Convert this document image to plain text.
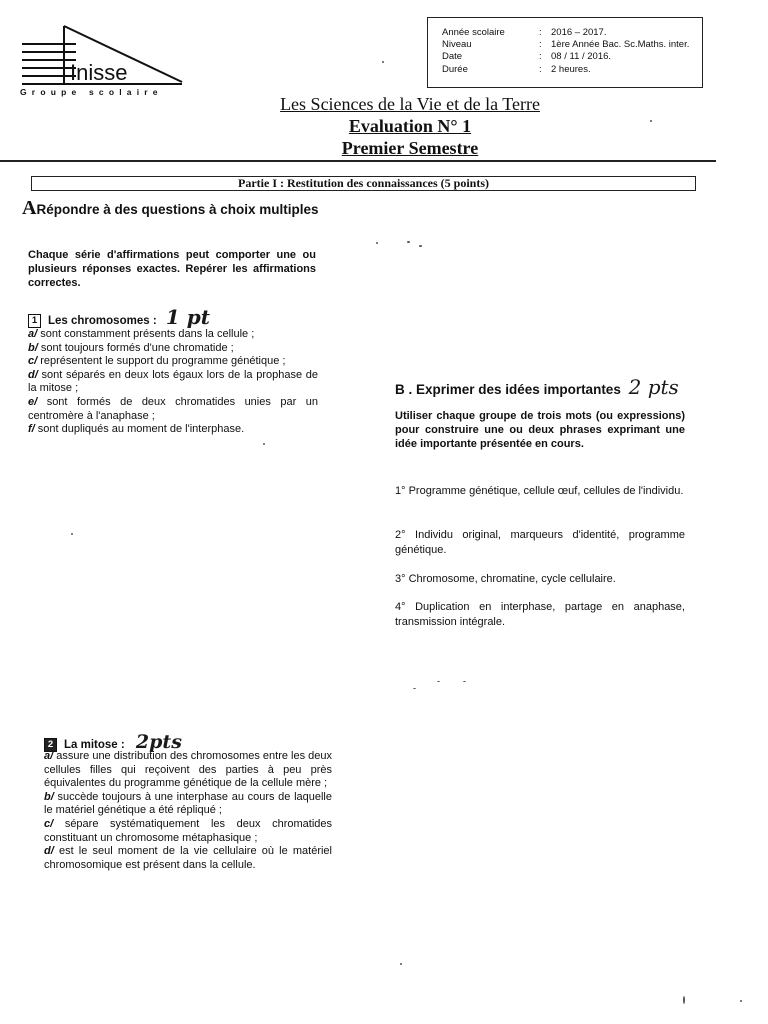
Inisse
Groupe scolaire
Année scolaire	: 2016 – 2017.
Niveau	: 1ère Année Bac. Sc.Maths. inter.
Date	: 08 / 11 / 2016.
Durée	: 2 heures.
Les Sciences de la Vie et de la Terre
Evaluation N° 1
Premier Semestre
Partie I : Restitution des connaissances (5 points)
ARépondre à des questions à choix multiples
Chaque série d'affirmations peut comporter une ou plusieurs réponses exactes. Repérer les affirmations correctes.
1 Les chromosomes : 1 pt
a/ sont constamment présents dans la cellule ;
b/ sont toujours formés d'une chromatide ;
c/ représentent le support du programme génétique ;
d/ sont séparés en deux lots égaux lors de la prophase de la mitose ;
e/ sont formés de deux chromatides unies par un centromère à l'anaphase ;
f/ sont dupliqués au moment de l'interphase.
B . Exprimer des idées importantes 2 pts
Utiliser chaque groupe de trois mots (ou expressions) pour construire une ou deux phrases exprimant une idée importante présentée en cours.
1° Programme génétique, cellule œuf, cellules de l'individu.
2° Individu original, marqueurs d'identité, programme génétique.
3° Chromosome, chromatine, cycle cellulaire.
4° Duplication en interphase, partage en anaphase, transmission intégrale.
2 La mitose : 2pts
a/ assure une distribution des chromosomes entre les deux cellules filles qui reçoivent des parties à peu près équivalentes du programme génétique de la cellule mère ;
b/ succède toujours à une interphase au cours de laquelle le matériel génétique a été répliqué ;
c/ sépare systématiquement les deux chromatides constituant un chromosome métaphasique ;
d/ est le seul moment de la vie cellulaire où le matériel chromosomique est présent dans la cellule.
